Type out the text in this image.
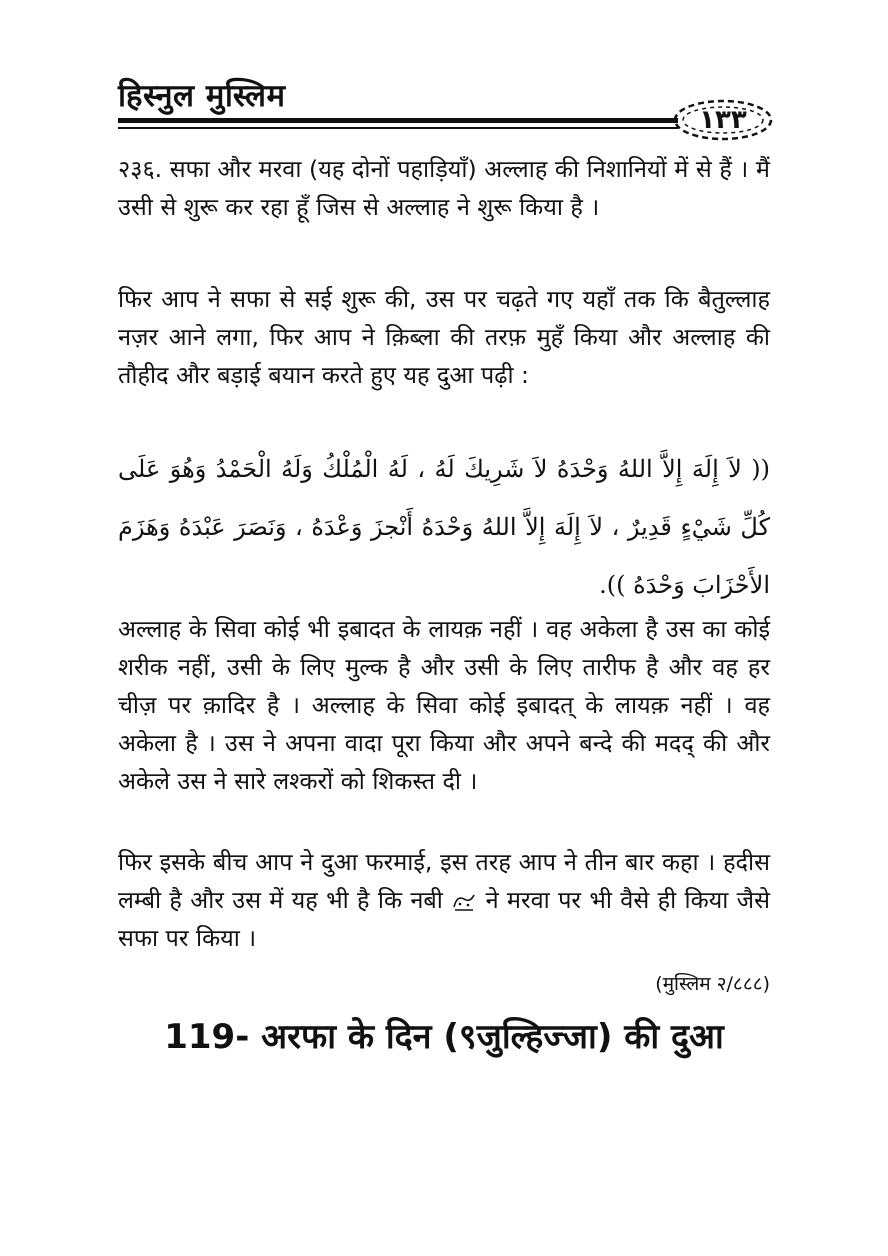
हिस्नुल मुस्लिम
١٣٣
२३६. सफा और मरवा (यह दोनों पहाड़ियाँ) अल्लाह की निशानियों में से हैं । मैं उसी से शुरू कर रहा हूँ जिस से अल्लाह ने शुरू किया है ।
फिर आप ने सफा से सई शुरू की, उस पर चढ़ते गए यहाँ तक कि बैतुल्लाह नज़र आने लगा, फिर आप ने क़िब्ला की तरफ़ मुहँ किया और अल्लाह की तौहीद और बड़ाई बयान करते हुए यह दुआ पढ़ी :
(( لاَ إِلَهَ إِلاَّ اللهُ وَحْدَهُ لاَ شَرِيكَ لَهُ ، لَهُ الْمُلْكُ وَلَهُ الْحَمْدُ وَهُوَ عَلَى كُلِّ شَيْءٍ قَدِيرٌ ، لاَ إِلَهَ إِلاَّ اللهُ وَحْدَهُ أَنْجزَ وَعْدَهُ ، وَنَصَرَ عَبْدَهُ وَهَزَمَ الأَحْزَابَ وَحْدَهُ )).
अल्लाह के सिवा कोई भी इबादत के लायक़ नहीं । वह अकेला है उस का कोई शरीक नहीं, उसी के लिए मुल्क है और उसी के लिए तारीफ है और वह हर चीज़ पर क़ादिर है । अल्लाह के सिवा कोई इबादत् के लायक़ नहीं । वह अकेला है । उस ने अपना वादा पूरा किया और अपने बन्दे की मदद् की और अकेले उस ने सारे लश्करों को शिकस्त दी ।
फिर इसके बीच आप ने दुआ फरमाई, इस तरह आप ने तीन बार कहा । हदीस लम्बी है और उस में यह भी है कि नबी ने मरवा पर भी वैसे ही किया जैसे सफा पर किया ।
(मुस्लिम २/८८८)
119- अरफा के दिन (९जुल्हिज्जा) की दुआ
